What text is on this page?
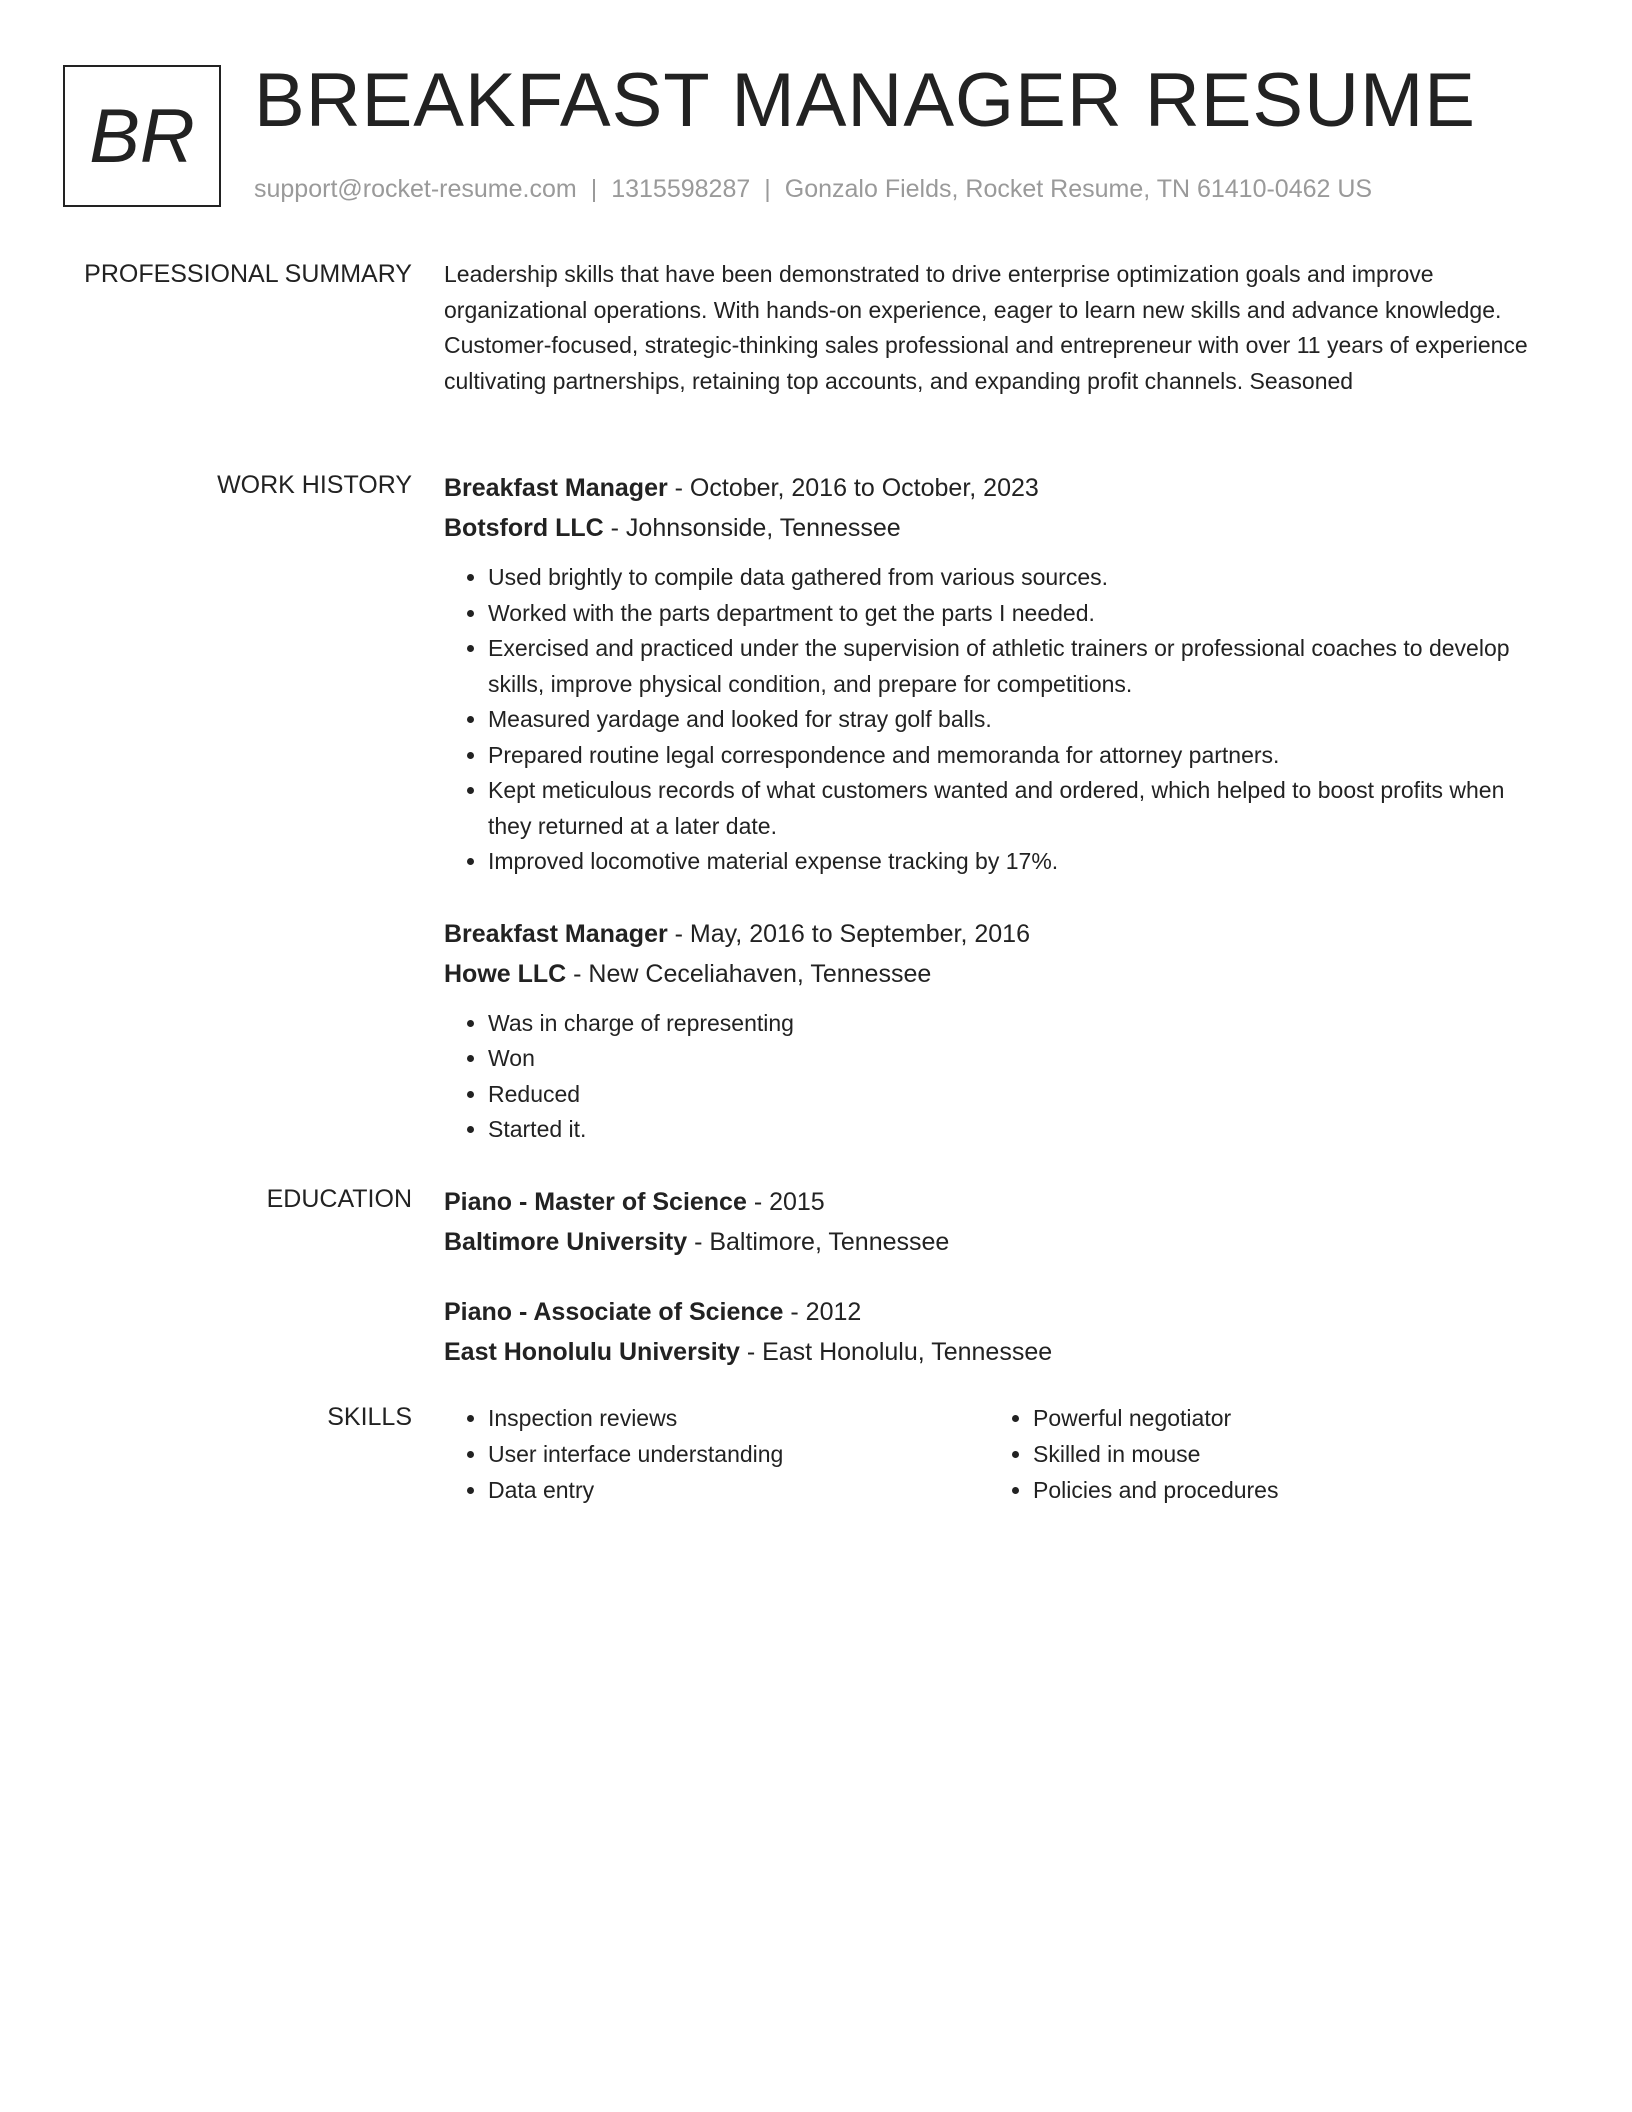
BR BREAKFAST MANAGER RESUME
support@rocket-resume.com | 1315598287 | Gonzalo Fields, Rocket Resume, TN 61410-0462 US
PROFESSIONAL SUMMARY Leadership skills that have been demonstrated to drive enterprise optimization goals and improve organizational operations. With hands-on experience, eager to learn new skills and advance knowledge. Customer-focused, strategic-thinking sales professional and entrepreneur with over 11 years of experience cultivating partnerships, retaining top accounts, and expanding profit channels. Seasoned

WORK HISTORY Breakfast Manager - October, 2016 to October, 2023
Botsford LLC - Johnsonside, Tennessee
• Used brightly to compile data gathered from various sources.
• Worked with the parts department to get the parts I needed.
• Exercised and practiced under the supervision of athletic trainers or professional coaches to develop skills, improve physical condition, and prepare for competitions.
• Measured yardage and looked for stray golf balls.
• Prepared routine legal correspondence and memoranda for attorney partners.
• Kept meticulous records of what customers wanted and ordered, which helped to boost profits when they returned at a later date.
• Improved locomotive material expense tracking by 17%.
Breakfast Manager - May, 2016 to September, 2016
Howe LLC - New Ceceliahaven, Tennessee
• Was in charge of representing
• Won
• Reduced
• Started it.
EDUCATION Piano - Master of Science - 2015
Baltimore University - Baltimore, Tennessee
Piano - Associate of Science - 2012
East Honolulu University - East Honolulu, Tennessee
SKILLS
•	Inspection reviews
• User interface understanding
• Data entry
• Powerful negotiator
• Skilled in mouse
• Policies and procedures
